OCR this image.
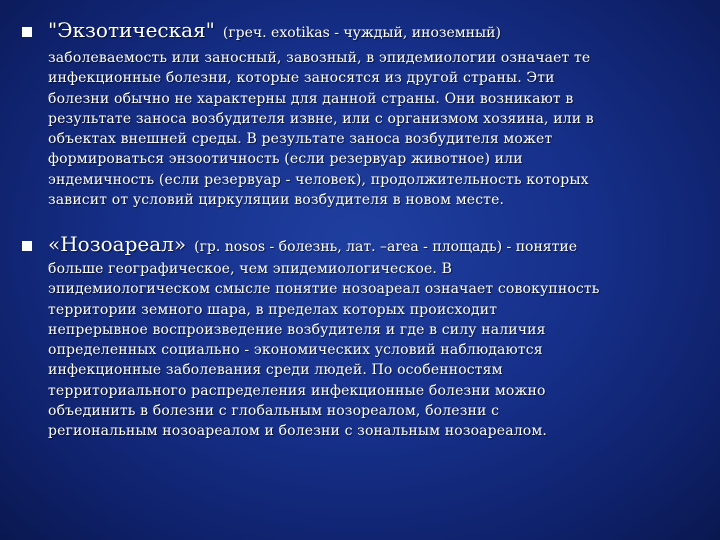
"Экзотическая" (греч. exotikas - чуждый, иноземный)
заболеваемость или заносный, завозный, в эпидемиологии означает те
инфекционные болезни, которые заносятся из другой страны. Эти
болезни обычно не характерны для данной страны. Они возникают в
результате заноса возбудителя извне, или с организмом хозяина, или в
объектах внешней среды. В результате заноса возбудителя может
формироваться энзоотичность (если резервуар животное) или
эндемичность (если резервуар - человек), продолжительность которых
зависит от условий циркуляции возбудителя в новом месте.
«Нозоареал» (гр. nosos - болезнь, лат. –area - площадь) - понятие
больше географическое, чем эпидемиологическое. В
эпидемиологическом смысле понятие нозоареал означает совокупность
территории земного шара, в пределах которых происходит
непрерывное воспроизведение возбудителя и где в силу наличия
определенных социально - экономических условий наблюдаются
инфекционные заболевания среди людей. По особенностям
территориального распределения инфекционные болезни можно
объединить в болезни с глобальным нозореалом, болезни с
региональным нозоареалом и болезни с зональным нозоареалом.
